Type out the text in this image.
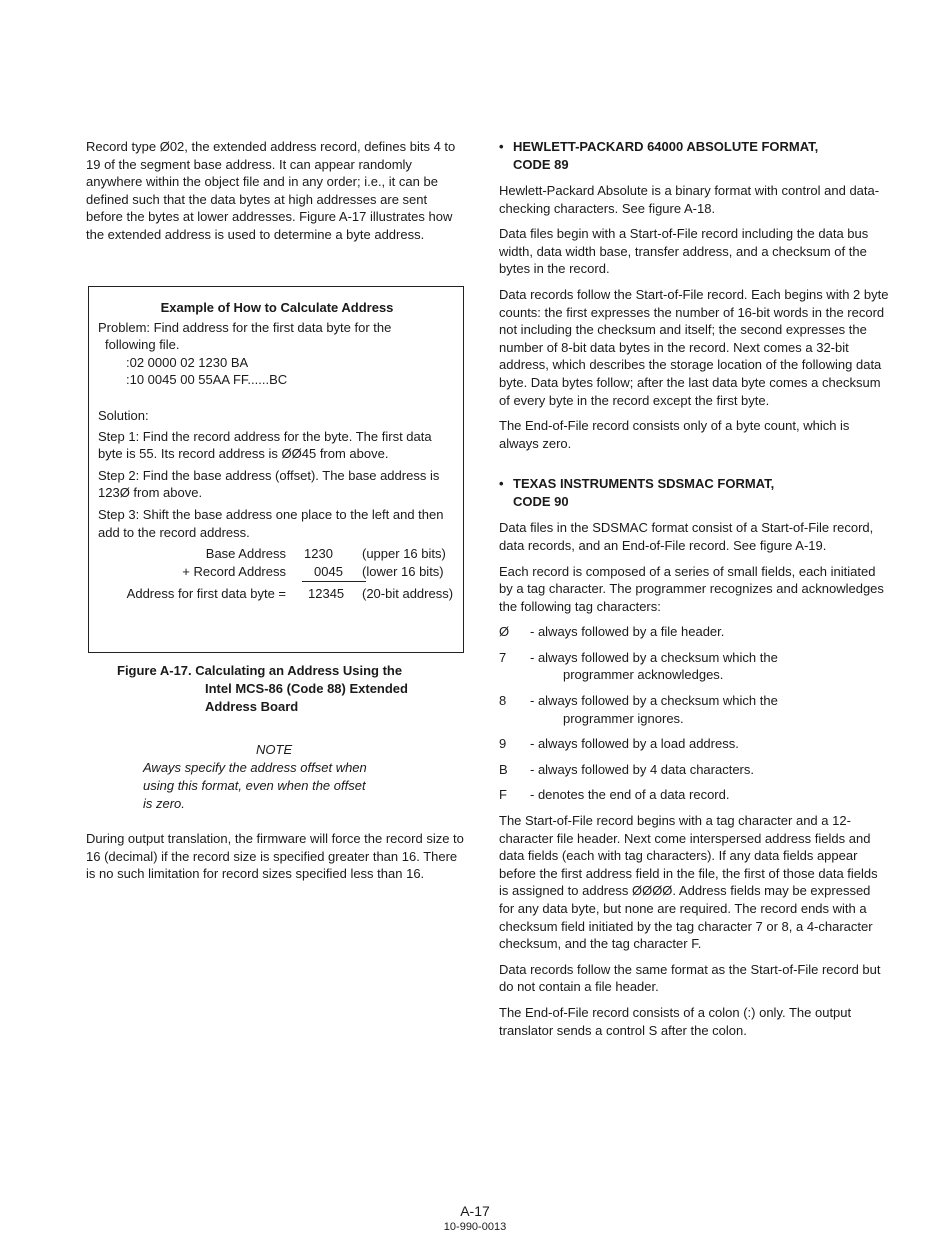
Record type Ø02, the extended address record, defines bits 4 to 19 of the segment base address. It can appear randomly anywhere within the object file and in any order; i.e., it can be defined such that the data bytes at high addresses are sent before the bytes at lower addresses. Figure A-17 illustrates how the extended address is used to determine a byte address.

Example of How to Calculate Address
Problem: Find address for the first data byte for the
following file.
:02 0000 02 1230 BA
:10 0045 00 55AA FF......BC
Solution:
Step 1: Find the record address for the byte. The first data byte is 55. Its record address is ØØ45 from above.
Step 2: Find the base address (offset). The base address is 123Ø from above.
Step 3: Shift the base address one place to the left and then add to the record address.
Base Address 1230 (upper 16 bits)
+ Record Address 0045 (lower 16 bits)
Address for first data byte = 12345 (20-bit address)
Figure A-17. Calculating an Address Using the
Intel MCS-86 (Code 88) Extended
Address Board
NOTE
Aways specify the address offset when
using this format, even when the offset
is zero.

During output translation, the firmware will force the record size to 16 (decimal) if the record size is specified greater than 16. There is no such limitation for record sizes specified less than 16.

• HEWLETT-PACKARD 64000 ABSOLUTE FORMAT,
CODE 89

Hewlett-Packard Absolute is a binary format with control and data-checking characters. See figure A-18.

Data files begin with a Start-of-File record including the data bus width, data width base, transfer address, and a checksum of the bytes in the record.

Data records follow the Start-of-File record. Each begins with 2 byte counts: the first expresses the number of 16-bit words in the record not including the checksum and itself; the second expresses the number of 8-bit data bytes in the record. Next comes a 32-bit address, which describes the storage location of the following data byte. Data bytes follow; after the last data byte comes a checksum of every byte in the record except the first byte.

The End-of-File record consists only of a byte count, which is always zero.

• TEXAS INSTRUMENTS SDSMAC FORMAT,
CODE 90

Data files in the SDSMAC format consist of a Start-of-File record, data records, and an End-of-File record. See figure A-19.

Each record is composed of a series of small fields, each initiated by a tag character. The programmer recognizes and acknowledges the following tag characters:

Ø - always followed by a file header.
7 - always followed by a checksum which the
programmer acknowledges.
8 - always followed by a checksum which the
programmer ignores.
9 - always followed by a load address.
B - always followed by 4 data characters.
F - denotes the end of a data record.

The Start-of-File record begins with a tag character and a 12-character file header. Next come interspersed address fields and data fields (each with tag characters). If any data fields appear before the first address field in the file, the first of those data fields is assigned to address ØØØØ. Address fields may be expressed for any data byte, but none are required. The record ends with a checksum field initiated by the tag character 7 or 8, a 4-character checksum, and the tag character F.

Data records follow the same format as the Start-of-File record but do not contain a file header.

The End-of-File record consists of a colon (:) only. The output translator sends a control S after the colon.

A-17
10-990-0013
